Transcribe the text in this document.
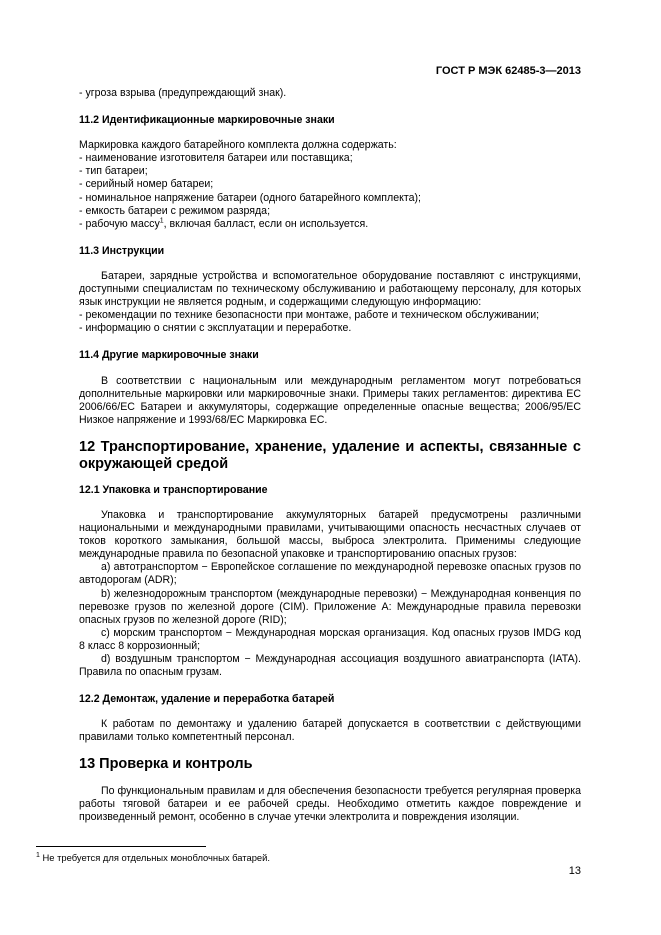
ГОСТ Р МЭК 62485-3—2013

- угроза взрыва (предупреждающий знак).

11.2 Идентификационные маркировочные знаки

Маркировка каждого батарейного комплекта должна содержать:

- наименование изготовителя батареи или поставщика;

- тип батареи;

- серийный номер батареи;

- номинальное напряжение батареи (одного батарейного комплекта);

- емкость батареи с режимом разряда;

- рабочую массу$^1$, включая балласт, если он используется.

11.3 Инструкции

Батареи, зарядные устройства и вспомогательное оборудование поставляют с инструкциями, доступными специалистам по техническому обслуживанию и работающему персоналу, для которых язык инструкции не является родным, и содержащими следующую информацию:

- рекомендации по технике безопасности при монтаже, работе и техническом обслуживании;

- информацию о снятии с эксплуатации и переработке.

11.4 Другие маркировочные знаки

В соответствии с национальным или международным регламентом могут потребоваться дополнительные маркировки или маркировочные знаки. Примеры таких регламентов: директива ЕС 2006/66/ЕС Батареи и аккумуляторы, содержащие определенные опасные вещества; 2006/95/ЕС Низкое напряжение и 1993/68/ЕС Маркировка ЕС.

12 Транспортирование, хранение, удаление и аспекты, связанные с окружающей средой

12.1 Упаковка и транспортирование

Упаковка и транспортирование аккумуляторных батарей предусмотрены различными национальными и международными правилами, учитывающими опасность несчастных случаев от токов короткого замыкания, большой массы, выброса электролита. Применимы следующие международные правила по безопасной упаковке и транспортированию опасных грузов:

а) автотранспортом − Европейское соглашение по международной перевозке опасных грузов по автодорогам (ADR);

b) железнодорожным транспортом (международные перевозки) − Международная конвенция по перевозке грузов по железной дороге (CIM). Приложение А: Международные правила перевозки опасных грузов по железной дороге (RID);

c) морским транспортом − Международная морская организация. Код опасных грузов IMDG код 8 класс 8 коррозионный;

d) воздушным транспортом − Международная ассоциация воздушного авиатранспорта (IATA). Правила по опасным грузам.

12.2 Демонтаж, удаление и переработка батарей

К работам по демонтажу и удалению батарей допускается в соответствии с действующими правилами только компетентный персонал.

13 Проверка и контроль

По функциональным правилам и для обеспечения безопасности требуется регулярная проверка работы тяговой батареи и ее рабочей среды. Необходимо отметить каждое повреждение и произведенный ремонт, особенно в случае утечки электролита и повреждения изоляции.

$^1$ Не требуется для отдельных моноблочных батарей.

13
